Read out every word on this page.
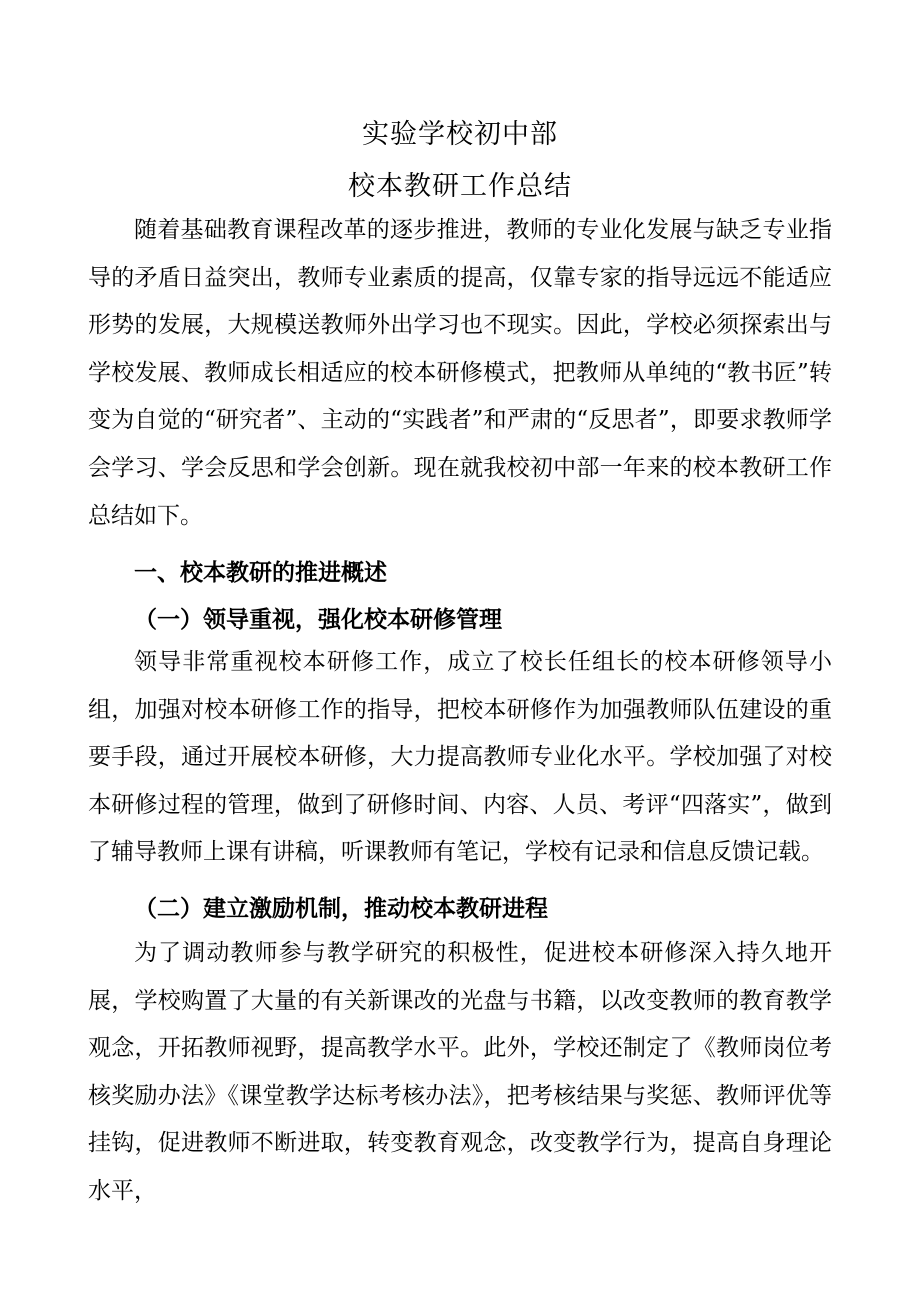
实验学校初中部
校本教研工作总结
随着基础教育课程改革的逐步推进，教师的专业化发展与缺乏专业指导的矛盾日益突出，教师专业素质的提高，仅靠专家的指导远远不能适应形势的发展，大规模送教师外出学习也不现实。因此，学校必须探索出与学校发展、教师成长相适应的校本研修模式，把教师从单纯的“教书匠”转变为自觉的“研究者”、主动的“实践者”和严肃的“反思者”，即要求教师学会学习、学会反思和学会创新。现在就我校初中部一年来的校本教研工作总结如下。
一、校本教研的推进概述
（一）领导重视，强化校本研修管理
领导非常重视校本研修工作，成立了校长任组长的校本研修领导小组，加强对校本研修工作的指导，把校本研修作为加强教师队伍建设的重要手段，通过开展校本研修，大力提高教师专业化水平。学校加强了对校本研修过程的管理，做到了研修时间、内容、人员、考评“四落实”，做到了辅导教师上课有讲稿，听课教师有笔记，学校有记录和信息反馈记载。
（二）建立激励机制，推动校本教研进程
为了调动教师参与教学研究的积极性，促进校本研修深入持久地开展，学校购置了大量的有关新课改的光盘与书籍，以改变教师的教育教学观念，开拓教师视野，提高教学水平。此外，学校还制定了《教师岗位考核奖励办法》《课堂教学达标考核办法》，把考核结果与奖惩、教师评优等挂钩，促进教师不断进取，转变教育观念，改变教学行为，提高自身理论水平，
